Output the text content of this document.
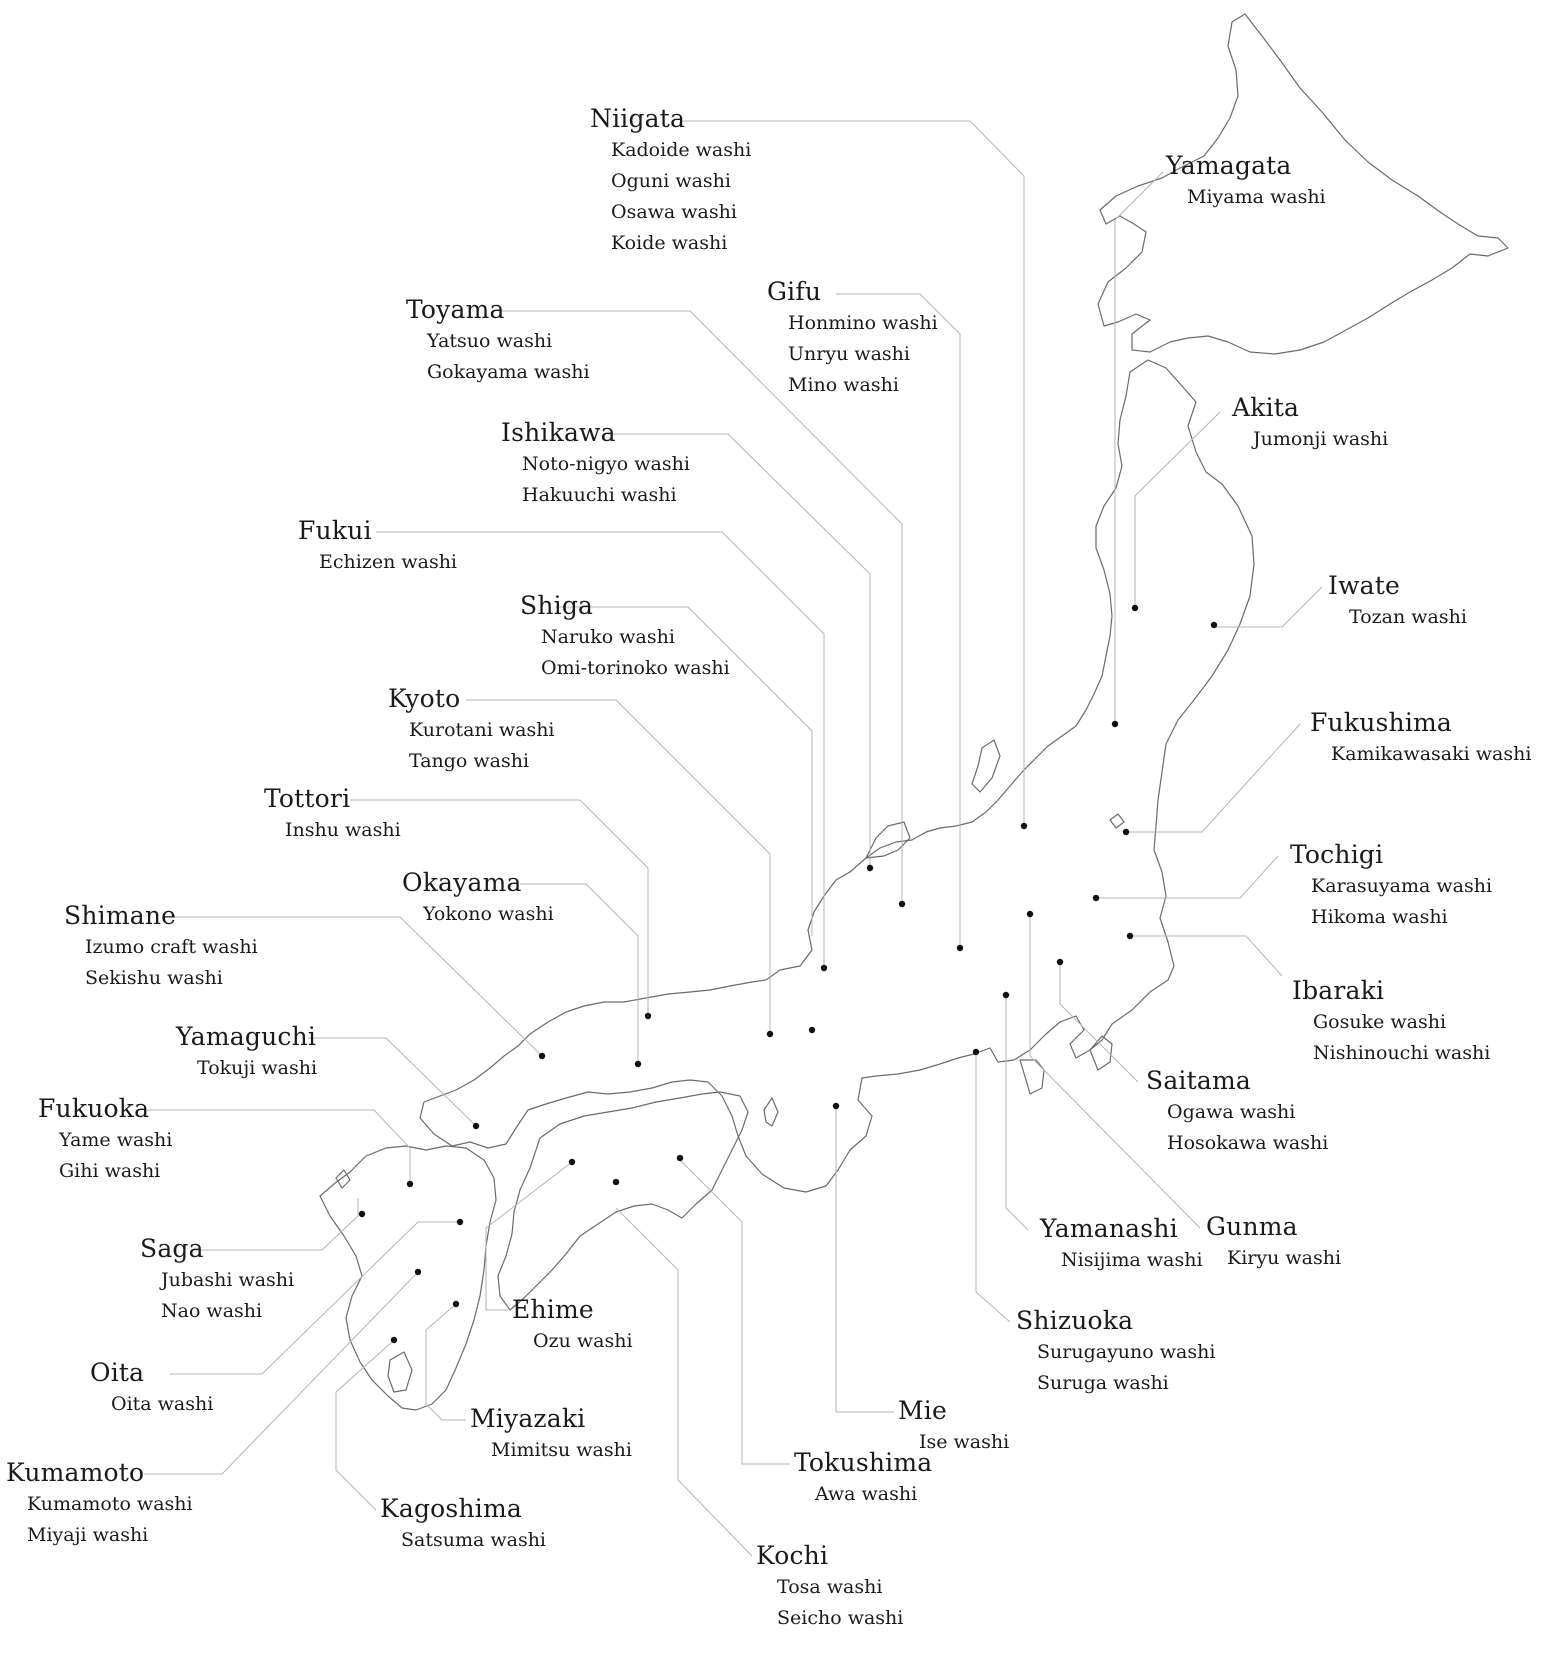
Niigata
Kadoide washi
Oguni washi
Osawa washi
Koide washi
Yamagata
Miyama washi
Gifu
Honmino washi
Unryu washi
Mino washi
Toyama
Yatsuo washi
Gokayama washi
Akita
Jumonji washi
Ishikawa
Noto-nigyo washi
Hakuuchi washi
Fukui
Echizen washi
Iwate
Tozan washi
Shiga
Naruko washi
Omi-torinoko washi
Kyoto
Kurotani washi
Tango washi
Fukushima
Kamikawasaki washi
Tottori
Inshu washi
Tochigi
Karasuyama washi
Hikoma washi
Okayama
Yokono washi
Shimane
Izumo craft washi
Sekishu washi	Ibaraki
Gosuke washi
Nishinouchi washi
Yamaguchi
Tokuji washi	Saitama
Ogawa washi
Hosokawa washi
Fukuoka
Yame washi
Gihi washi
Yamanashi
Nisijima washi
Gunma
Kiryu washi
Saga
Jubashi washi
Nao washi	Ehime
Ozu washi
Shizuoka
Surugayuno washi
Suruga washi
Oita
Oita washi	Mie
Ise washi
Miyazaki
Mimitsu washi	Tokushima
Awa washi
Kumamoto
Kumamoto washi
Miyaji washi
Kagoshima
Satsuma washi
Kochi
Tosa washi
Seicho washi
